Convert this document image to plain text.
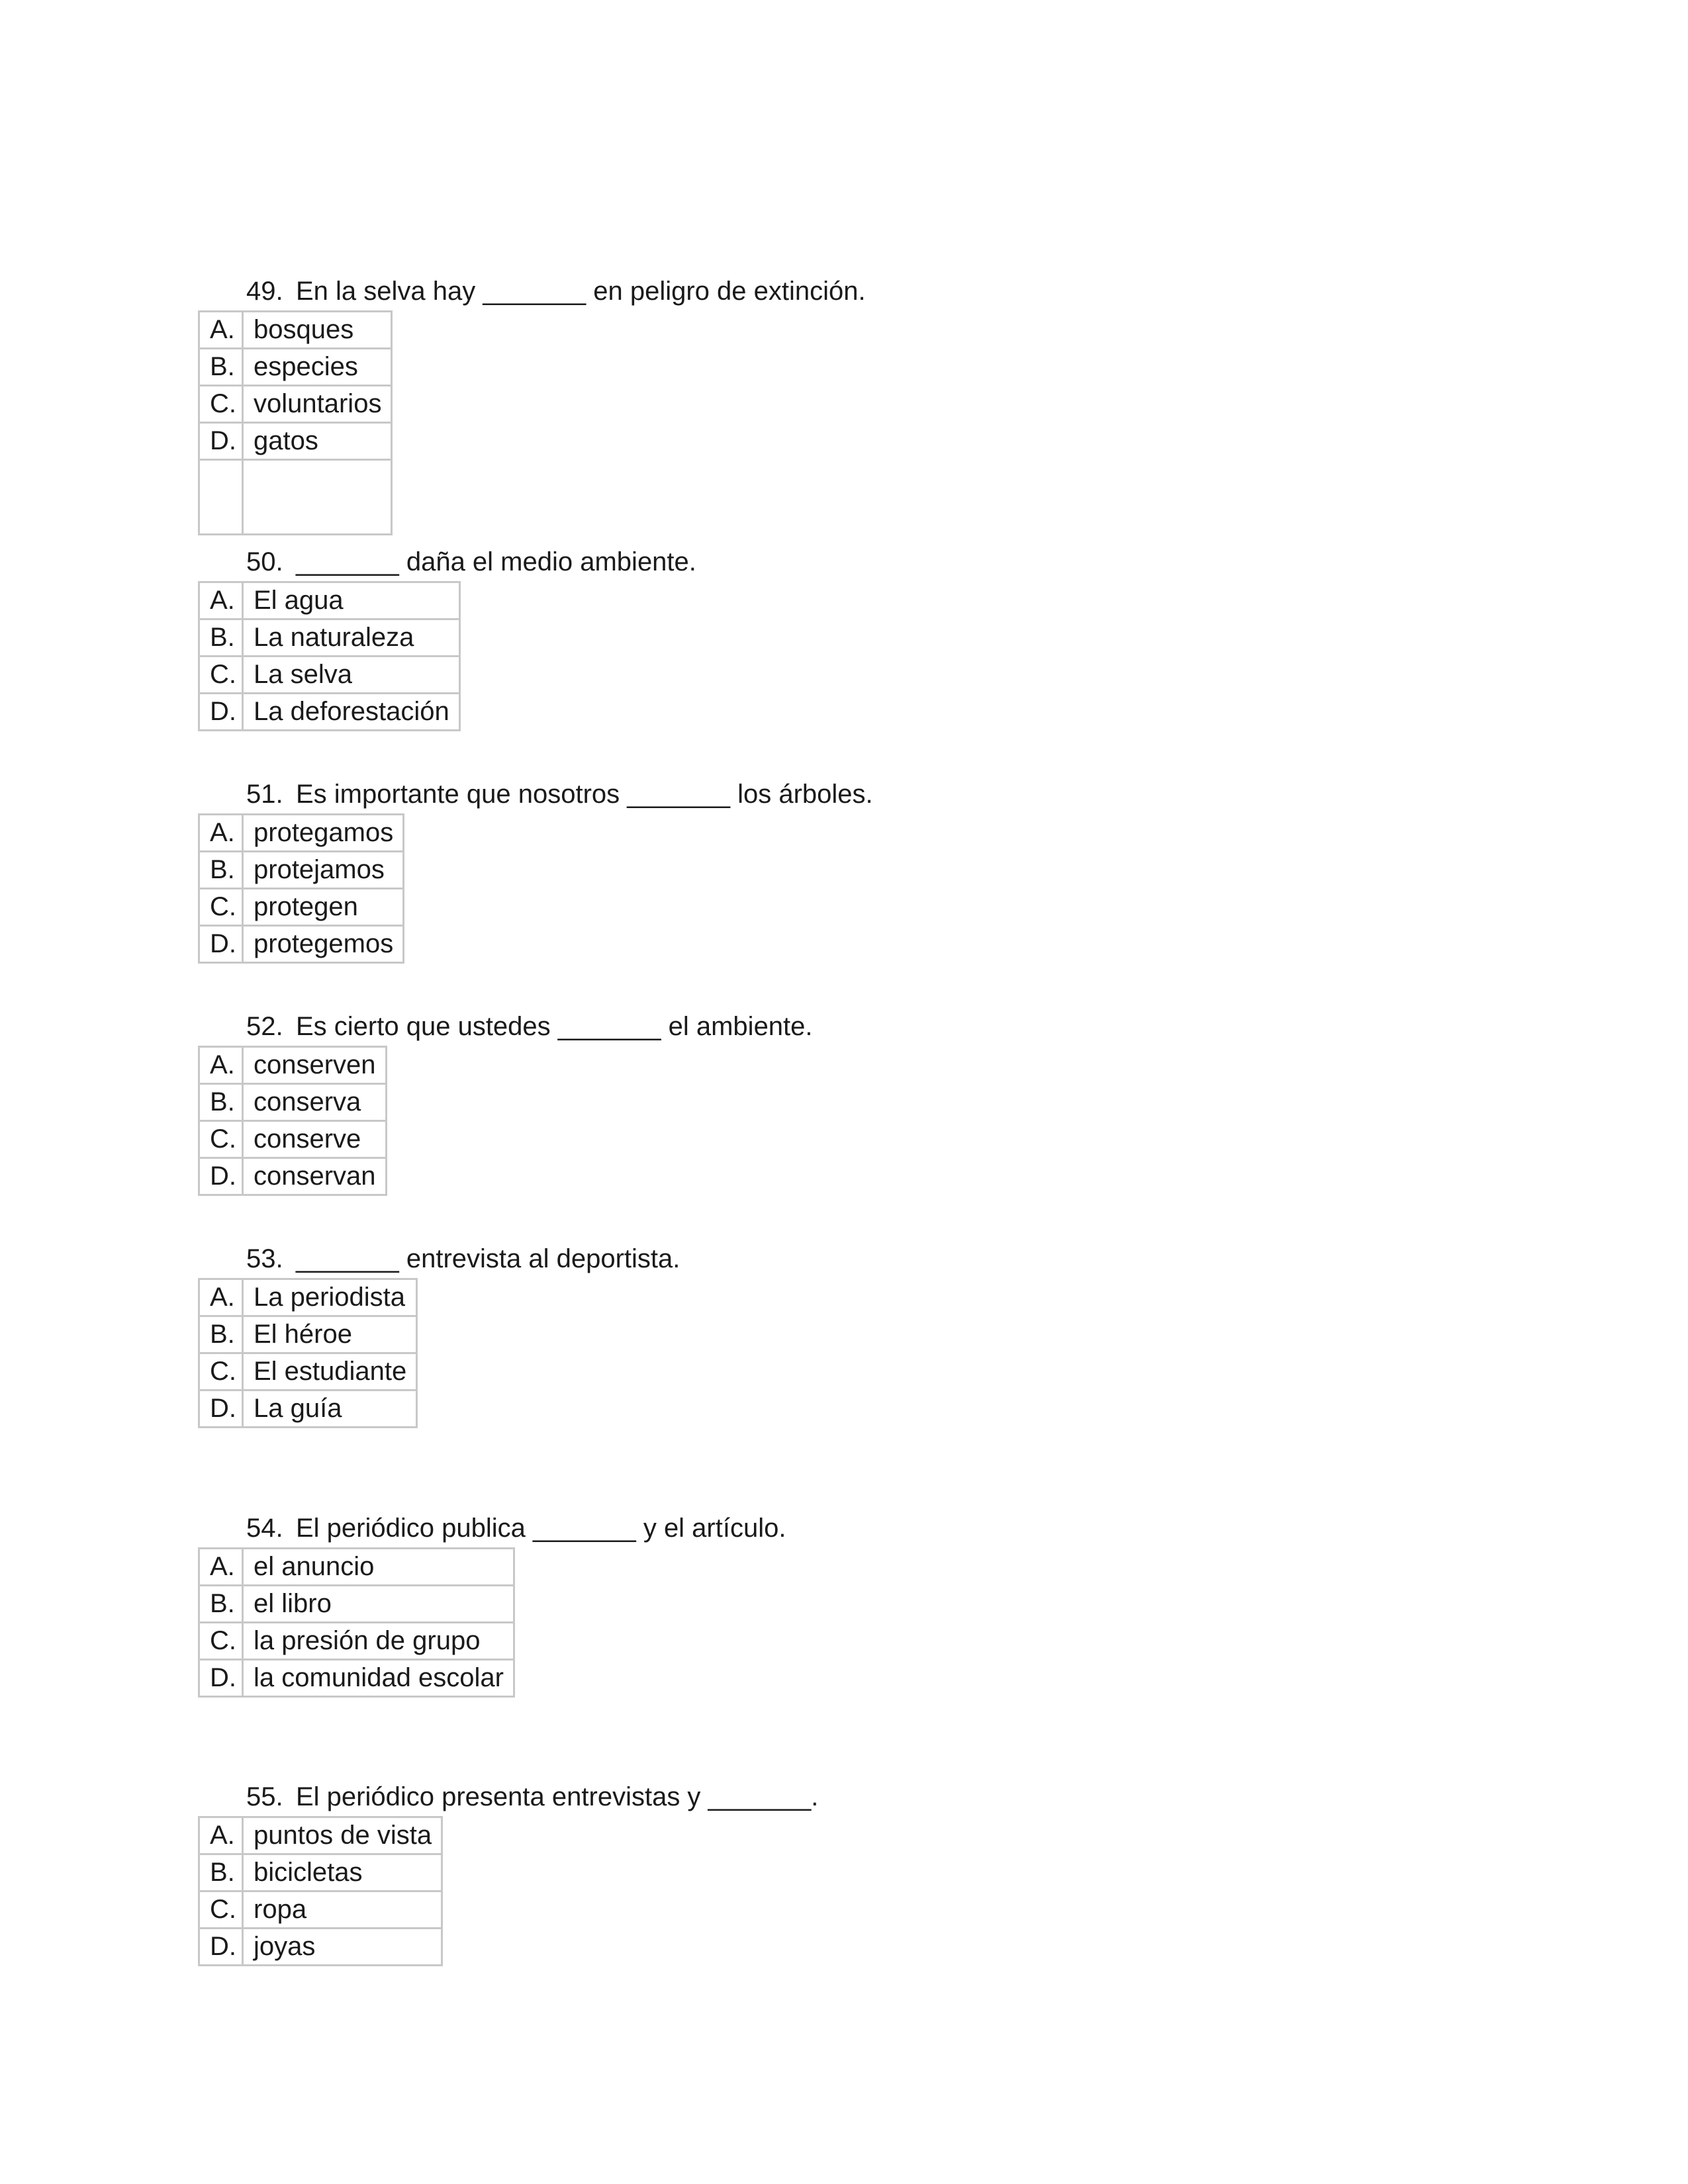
49. En la selva hay _______ en peligro de extinción.
A.	bosques
B.	especies
C.	voluntarios
D.	gatos

50. _______ daña el medio ambiente.
A.	El agua
B.	La naturaleza
C.	La selva
D.	La deforestación
51. Es importante que nosotros _______ los árboles.
A.	protegamos
B.	protejamos
C.	protegen
D.	protegemos
52. Es cierto que ustedes _______ el ambiente.
A.	conserven
B.	conserva
C.	conserve
D.	conservan
53. _______ entrevista al deportista.
A.	La periodista
B.	El héroe
C.	El estudiante
D.	La guía
54. El periódico publica _______ y el artículo.
A.	el anuncio
B.	el libro
C.	la presión de grupo
D.	la comunidad escolar
55. El periódico presenta entrevistas y _______.
A.	puntos de vista
B.	bicicletas
C.	ropa
D.	joyas
